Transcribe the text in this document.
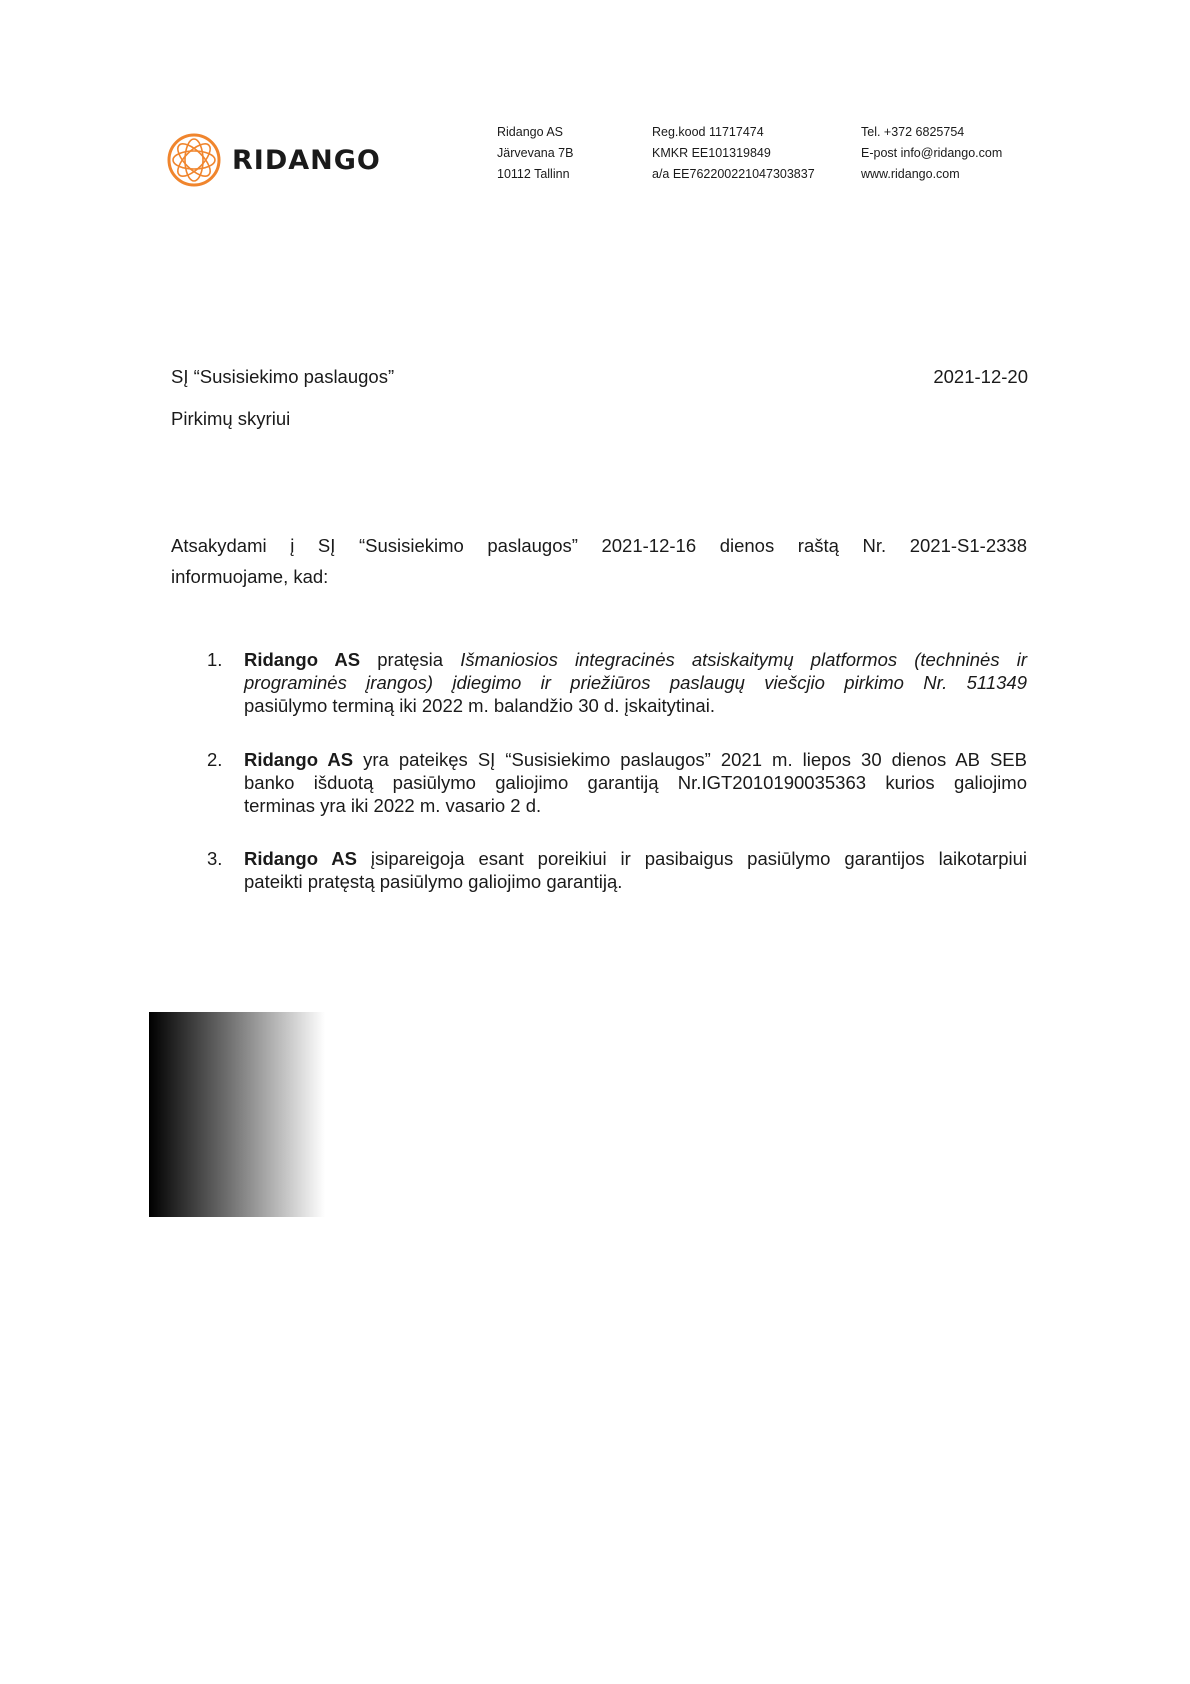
RIDANGO
Ridango AS
Järvevana 7B
10112 Tallinn
Reg.kood 11717474
KMKR EE101319849
a/a EE762200221047303837
Tel. +372 6825754
E-post info@ridango.com
www.ridango.com
SĮ “Susisiekimo paslaugos”	2021-12-20
Pirkimų skyriui
Atsakydami į SĮ “Susisiekimo paslaugos” 2021-12-16 dienos raštą Nr. 2021-S1-2338
informuojame, kad:
1.	Ridango AS pratęsia Išmaniosios integracinės atsiskaitymų platformos (techninės ir
programinės įrangos) įdiegimo ir priežiūros paslaugų viešcjio pirkimo Nr. 511349
pasiūlymo terminą iki 2022 m. balandžio 30 d. įskaitytinai.
2.	Ridango AS yra pateikęs SĮ “Susisiekimo paslaugos” 2021 m. liepos 30 dienos AB SEB
banko išduotą pasiūlymo galiojimo garantiją Nr.IGT2010190035363 kurios galiojimo
terminas yra iki 2022 m. vasario 2 d.
3.	Ridango AS įsipareigoja esant poreikiui ir pasibaigus pasiūlymo garantijos laikotarpiui
pateikti pratęstą pasiūlymo galiojimo garantiją.
